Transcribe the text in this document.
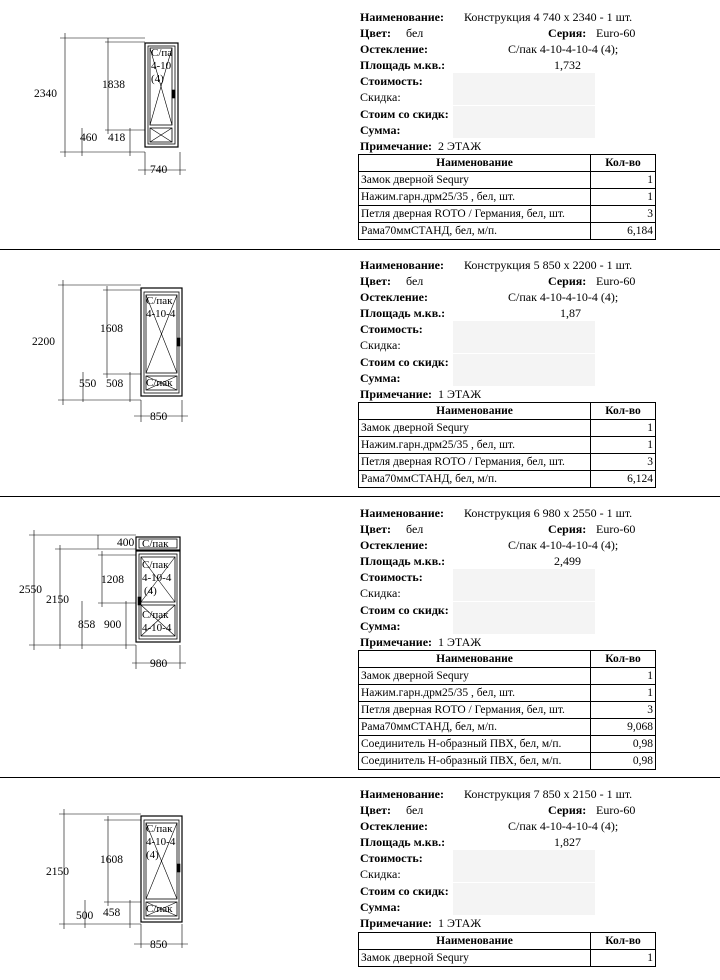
2340
1838
460 418
740
С/па
4-10
(4)
Наименование: Конструкция 4 740 x 2340 - 1 шт.
Цвет: бел	Серия: Euro-60
Остекление:	С/пак 4-10-4-10-4 (4);
Площадь м.кв.:	1,732
Стоимость:
Скидка:
Стоим со скидк:
Сумма:
Примечание: 2 ЭТАЖ
Наименование	Кол-во
Замок дверной Sequry	1
Нажим.гарн.дрм25/35 , бел, шт.	1
Петля дверная ROTO / Германия, бел, шт.	3
Рама70ммСТАНД, бел, м/п.	6,184
2200
1608
550 508
850
С/пак
4-10-4
С/пак
Наименование: Конструкция 5 850 x 2200 - 1 шт.
Цвет: бел	Серия: Euro-60
Остекление:	С/пак 4-10-4-10-4 (4);
Площадь м.кв.:	1,87
Стоимость:
Скидка:
Стоим со скидк:
Сумма:
Примечание: 1 ЭТАЖ
Наименование	Кол-во
Замок дверной Sequry	1
Нажим.гарн.дрм25/35 , бел, шт.	1
Петля дверная ROTO / Германия, бел, шт.	3
Рама70ммСТАНД, бел, м/п.	6,124
400
2550
2150
1208
858 900
980
С/пак
С/пак
4-10-4
(4)
С/пак
4-10-4
Наименование: Конструкция 6 980 x 2550 - 1 шт.
Цвет: бел	Серия: Euro-60
Остекление:	С/пак 4-10-4-10-4 (4);
Площадь м.кв.:	2,499
Стоимость:
Скидка:
Стоим со скидк:
Сумма:
Примечание: 1 ЭТАЖ
Наименование	Кол-во
Замок дверной Sequry	1
Нажим.гарн.дрм25/35 , бел, шт.	1
Петля дверная ROTO / Германия, бел, шт.	3
Рама70ммСТАНД, бел, м/п.	9,068
Соединитель Н-образный ПВХ, бел, м/п.	0,98
Соединитель Н-образный ПВХ, бел, м/п.	0,98
2150
1608
500 458
850
С/пак
4-10-4
(4)
С/пак
Наименование: Конструкция 7 850 x 2150 - 1 шт.
Цвет: бел	Серия: Euro-60
Остекление:	С/пак 4-10-4-10-4 (4);
Площадь м.кв.:	1,827
Стоимость:
Скидка:
Стоим со скидк:
Сумма:
Примечание: 1 ЭТАЖ
Наименование	Кол-во
Замок дверной Sequry	1
